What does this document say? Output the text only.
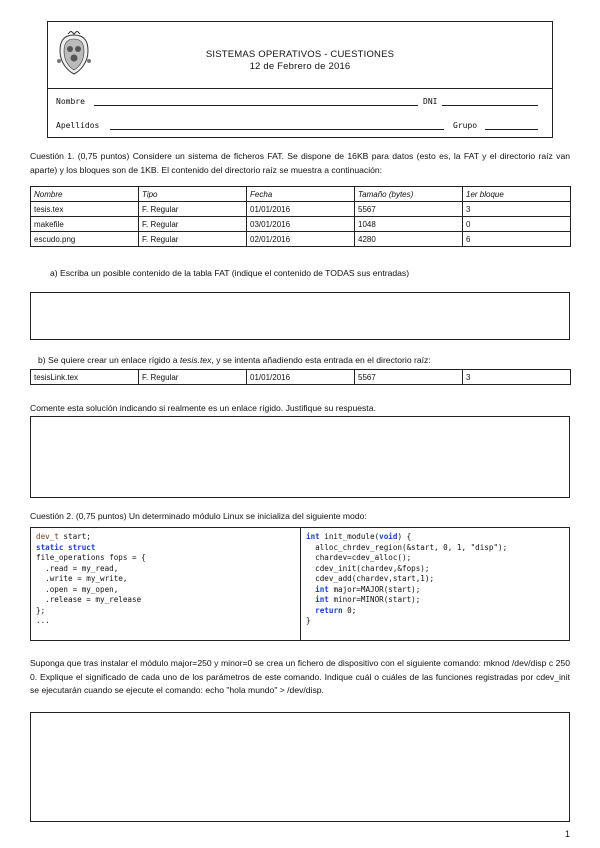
SISTEMAS OPERATIVOS - CUESTIONES
12 de Febrero de 2016
Nombre	DNI
Apellidos	Grupo
Cuestión 1. (0,75 puntos) Considere un sistema de ficheros FAT. Se dispone de 16KB para datos (esto es, la FAT y el directorio raíz van aparte) y los bloques son de 1KB. El contenido del directorio raíz se muestra a continuación:
Nombre	Tipo	Fecha	Tamaño (bytes)	1er bloque
tesis.tex	F. Regular	01/01/2016	5567	3
makefile	F. Regular	03/01/2016	1048	0
escudo.png	F. Regular	02/01/2016	4280	6
a) Escriba un posible contenido de la tabla FAT (indique el contenido de TODAS sus entradas)
b) Se quiere crear un enlace rígido a tesis.tex, y se intenta añadiendo esta entrada en el directorio raíz:
tesisLink.tex	F. Regular	01/01/2016	5567	3
Comente esta solución indicando si realmente es un enlace rígido. Justifique su respuesta.
Cuestión 2. (0,75 puntos) Un determinado módulo Linux se inicializa del siguiente modo:
dev_t start;
static struct
file_operations fops = {
.read = my_read,
.write = my_write,
.open = my_open,
.release = my_release
};
...
int init_module(void) {
alloc_chrdev_region(&start, 0, 1, "disp");
chardev=cdev_alloc();
cdev_init(chardev,&fops);
cdev_add(chardev,start,1);
int major=MAJOR(start);
int minor=MINOR(start);
return 0;
}
Suponga que tras instalar el módulo major=250 y minor=0 se crea un fichero de dispositivo con el siguiente comando: mknod /dev/disp c 250 0. Explique el significado de cada uno de los parámetros de este comando. Indique cuál o cuáles de las funciones registradas por cdev_init se ejecutarán cuando se ejecute el comando: echo "hola mundo" > /dev/disp.
1
